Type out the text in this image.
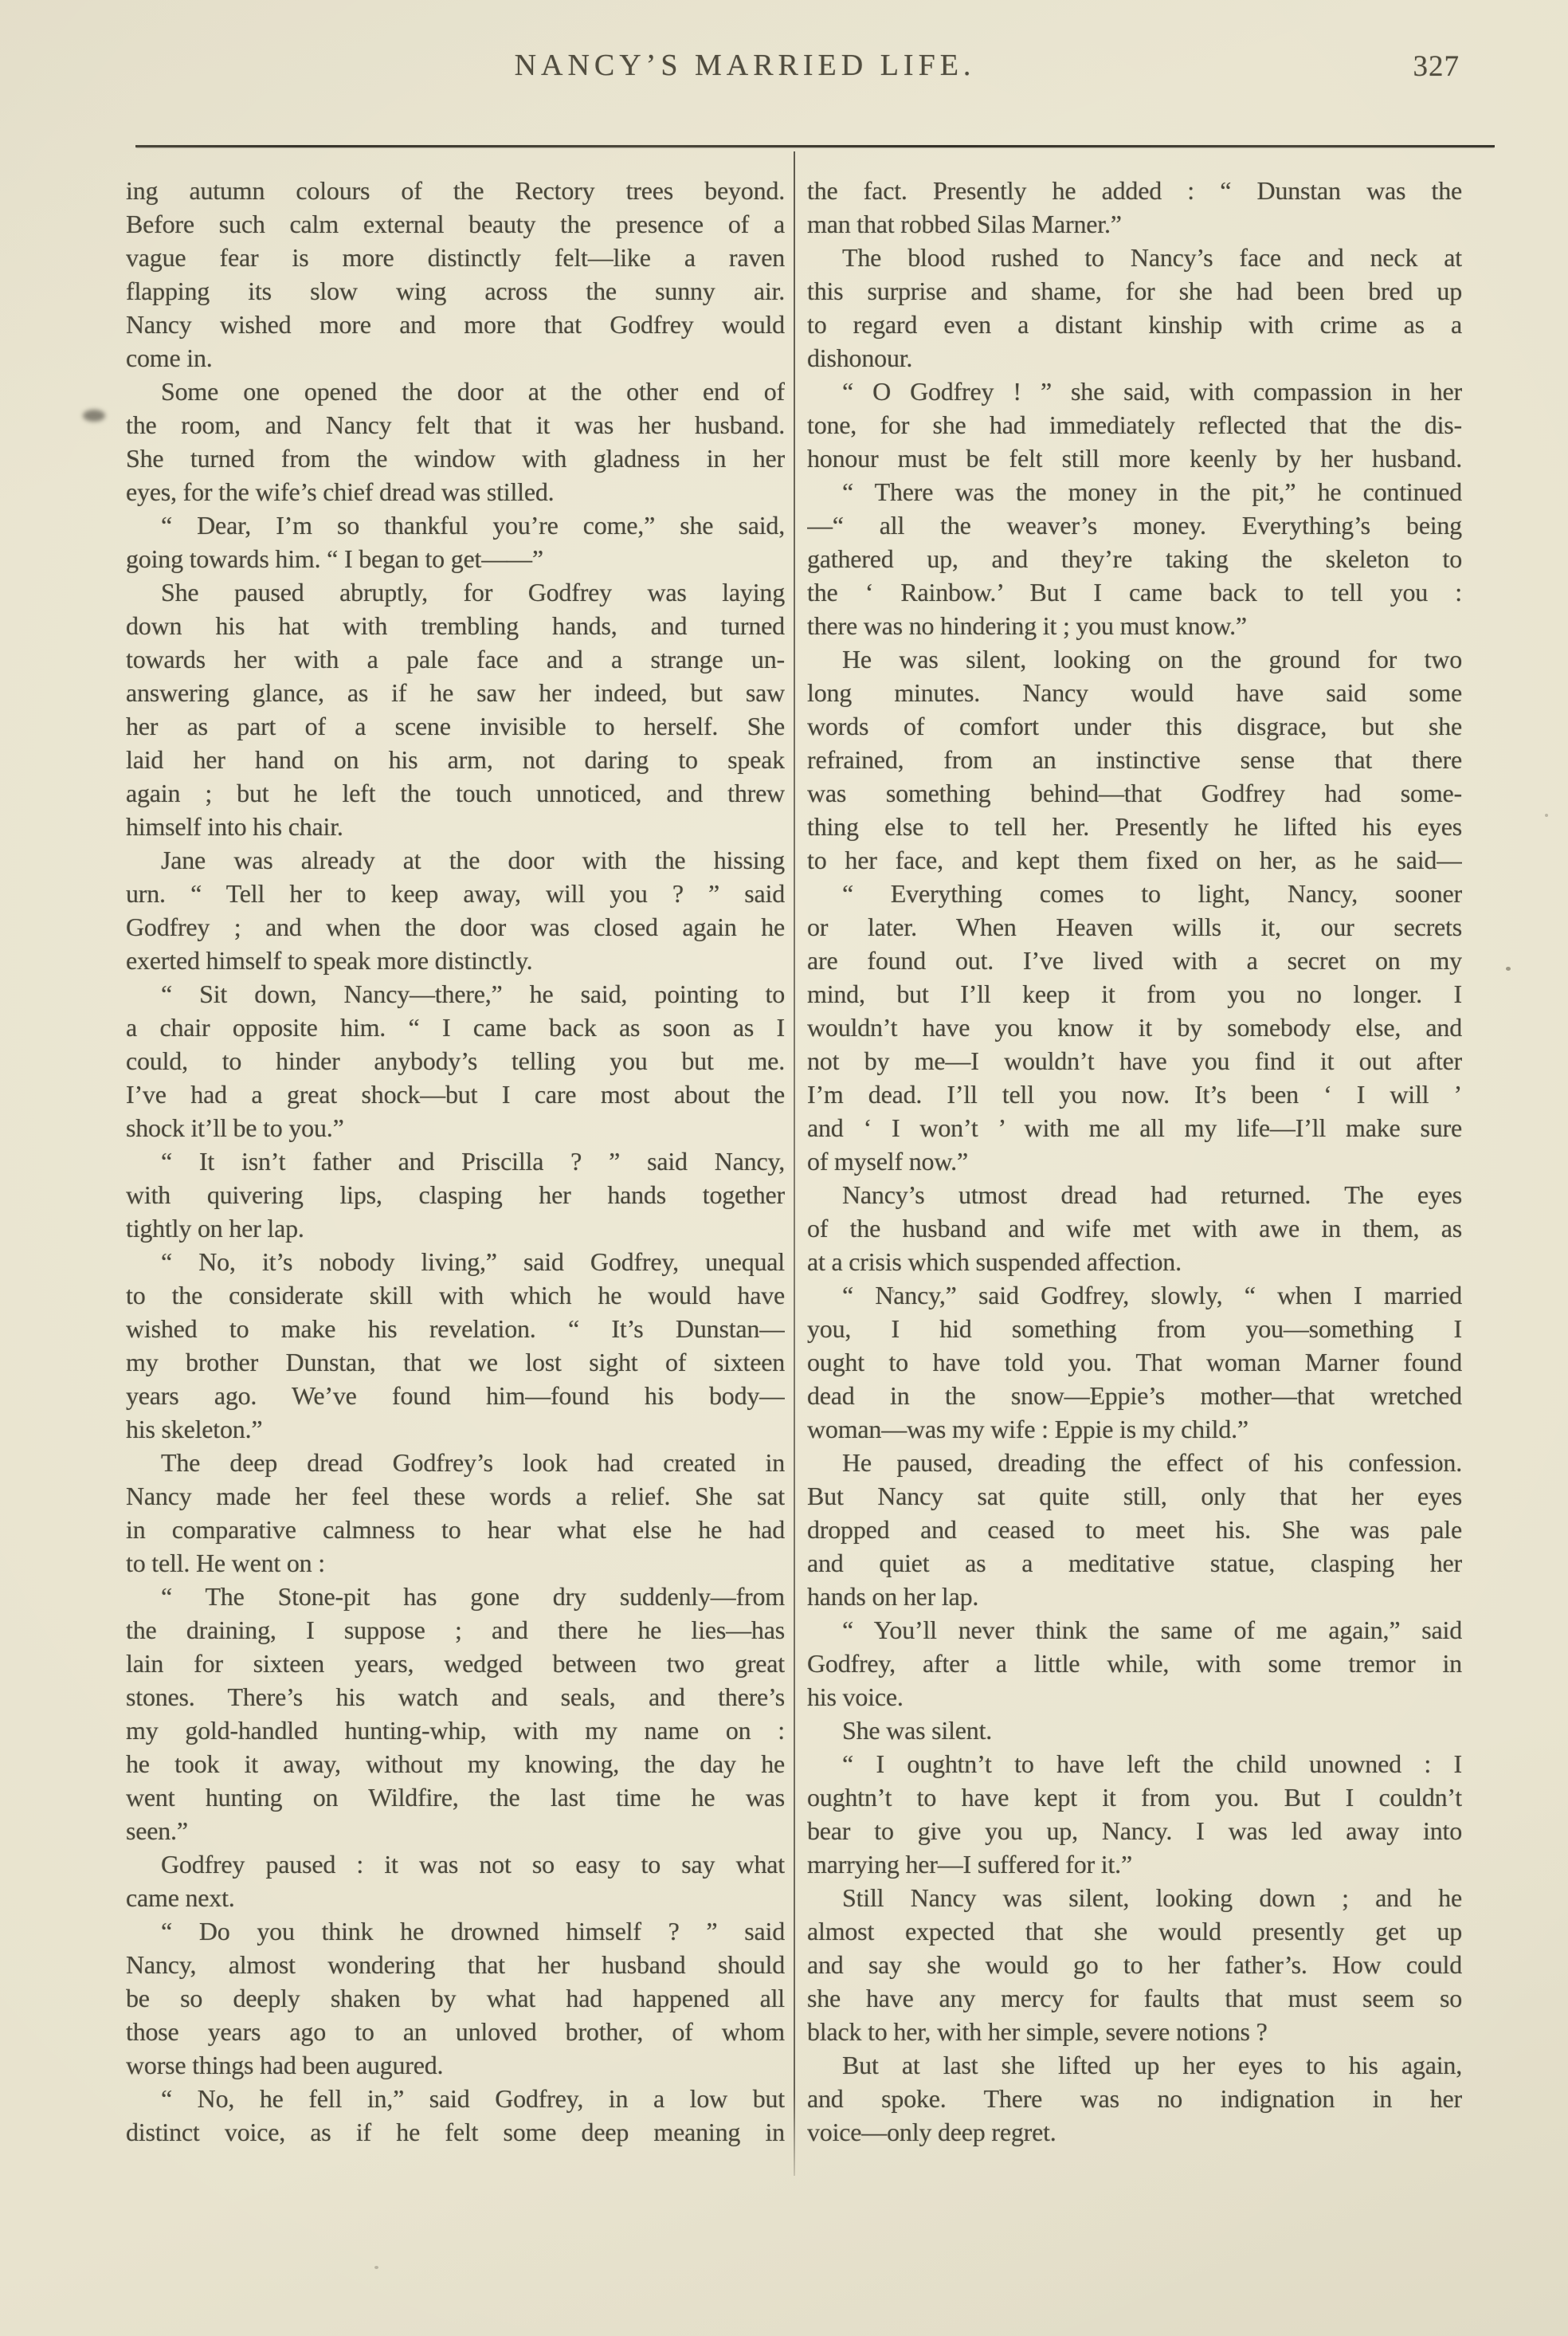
NANCY’S MARRIED LIFE.	327
ing autumn colours of the Rectory trees beyond.
Before such calm external beauty the presence of a
vague fear is more distinctly felt—like a raven
flapping its slow wing across the sunny air.
Nancy wished more and more that Godfrey would
come in.
Some one opened the door at the other end of
the room, and Nancy felt that it was her husband.
She turned from the window with gladness in her
eyes, for the wife’s chief dread was stilled.
“ Dear, I’m so thankful you’re come,” she said,
going towards him. “ I began to get——”
She paused abruptly, for Godfrey was laying
down his hat with trembling hands, and turned
towards her with a pale face and a strange un-
answering glance, as if he saw her indeed, but saw
her as part of a scene invisible to herself. She
laid her hand on his arm, not daring to speak
again ; but he left the touch unnoticed, and threw
himself into his chair.
Jane was already at the door with the hissing
urn. “ Tell her to keep away, will you ? ” said
Godfrey ; and when the door was closed again he
exerted himself to speak more distinctly.
“ Sit down, Nancy—there,” he said, pointing to
a chair opposite him. “ I came back as soon as I
could, to hinder anybody’s telling you but me.
I’ve had a great shock—but I care most about the
shock it’ll be to you.”
“ It isn’t father and Priscilla ? ” said Nancy,
with quivering lips, clasping her hands together
tightly on her lap.
“ No, it’s nobody living,” said Godfrey, unequal
to the considerate skill with which he would have
wished to make his revelation. “ It’s Dunstan—
my brother Dunstan, that we lost sight of sixteen
years ago. We’ve found him—found his body—
his skeleton.”
The deep dread Godfrey’s look had created in
Nancy made her feel these words a relief. She sat
in comparative calmness to hear what else he had
to tell. He went on :
“ The Stone-pit has gone dry suddenly—from
the draining, I suppose ; and there he lies—has
lain for sixteen years, wedged between two great
stones. There’s his watch and seals, and there’s
my gold-handled hunting-whip, with my name on :
he took it away, without my knowing, the day he
went hunting on Wildfire, the last time he was
seen.”
Godfrey paused : it was not so easy to say what
came next.
“ Do you think he drowned himself ? ” said
Nancy, almost wondering that her husband should
be so deeply shaken by what had happened all
those years ago to an unloved brother, of whom
worse things had been augured.
“ No, he fell in,” said Godfrey, in a low but
distinct voice, as if he felt some deep meaning in
the fact. Presently he added : “ Dunstan was the
man that robbed Silas Marner.”
The blood rushed to Nancy’s face and neck at
this surprise and shame, for she had been bred up
to regard even a distant kinship with crime as a
dishonour.
“ O Godfrey ! ” she said, with compassion in her
tone, for she had immediately reflected that the dis-
honour must be felt still more keenly by her husband.
“ There was the money in the pit,” he continued
—“ all the weaver’s money. Everything’s being
gathered up, and they’re taking the skeleton to
the ‘ Rainbow.’ But I came back to tell you :
there was no hindering it ; you must know.”
He was silent, looking on the ground for two
long minutes. Nancy would have said some
words of comfort under this disgrace, but she
refrained, from an instinctive sense that there
was something behind—that Godfrey had some-
thing else to tell her. Presently he lifted his eyes
to her face, and kept them fixed on her, as he said—
“ Everything comes to light, Nancy, sooner
or later. When Heaven wills it, our secrets
are found out. I’ve lived with a secret on my
mind, but I’ll keep it from you no longer. I
wouldn’t have you know it by somebody else, and
not by me—I wouldn’t have you find it out after
I’m dead. I’ll tell you now. It’s been ‘ I will ’
and ‘ I won’t ’ with me all my life—I’ll make sure
of myself now.”
Nancy’s utmost dread had returned. The eyes
of the husband and wife met with awe in them, as
at a crisis which suspended affection.
“ Nancy,” said Godfrey, slowly, “ when I married
you, I hid something from you—something I
ought to have told you. That woman Marner found
dead in the snow—Eppie’s mother—that wretched
woman—was my wife : Eppie is my child.”
He paused, dreading the effect of his confession.
But Nancy sat quite still, only that her eyes
dropped and ceased to meet his. She was pale
and quiet as a meditative statue, clasping her
hands on her lap.
“ You’ll never think the same of me again,” said
Godfrey, after a little while, with some tremor in
his voice.
She was silent.
“ I oughtn’t to have left the child unowned : I
oughtn’t to have kept it from you. But I couldn’t
bear to give you up, Nancy. I was led away into
marrying her—I suffered for it.”
Still Nancy was silent, looking down ; and he
almost expected that she would presently get up
and say she would go to her father’s. How could
she have any mercy for faults that must seem so
black to her, with her simple, severe notions ?
But at last she lifted up her eyes to his again,
and spoke. There was no indignation in her
voice—only deep regret.
